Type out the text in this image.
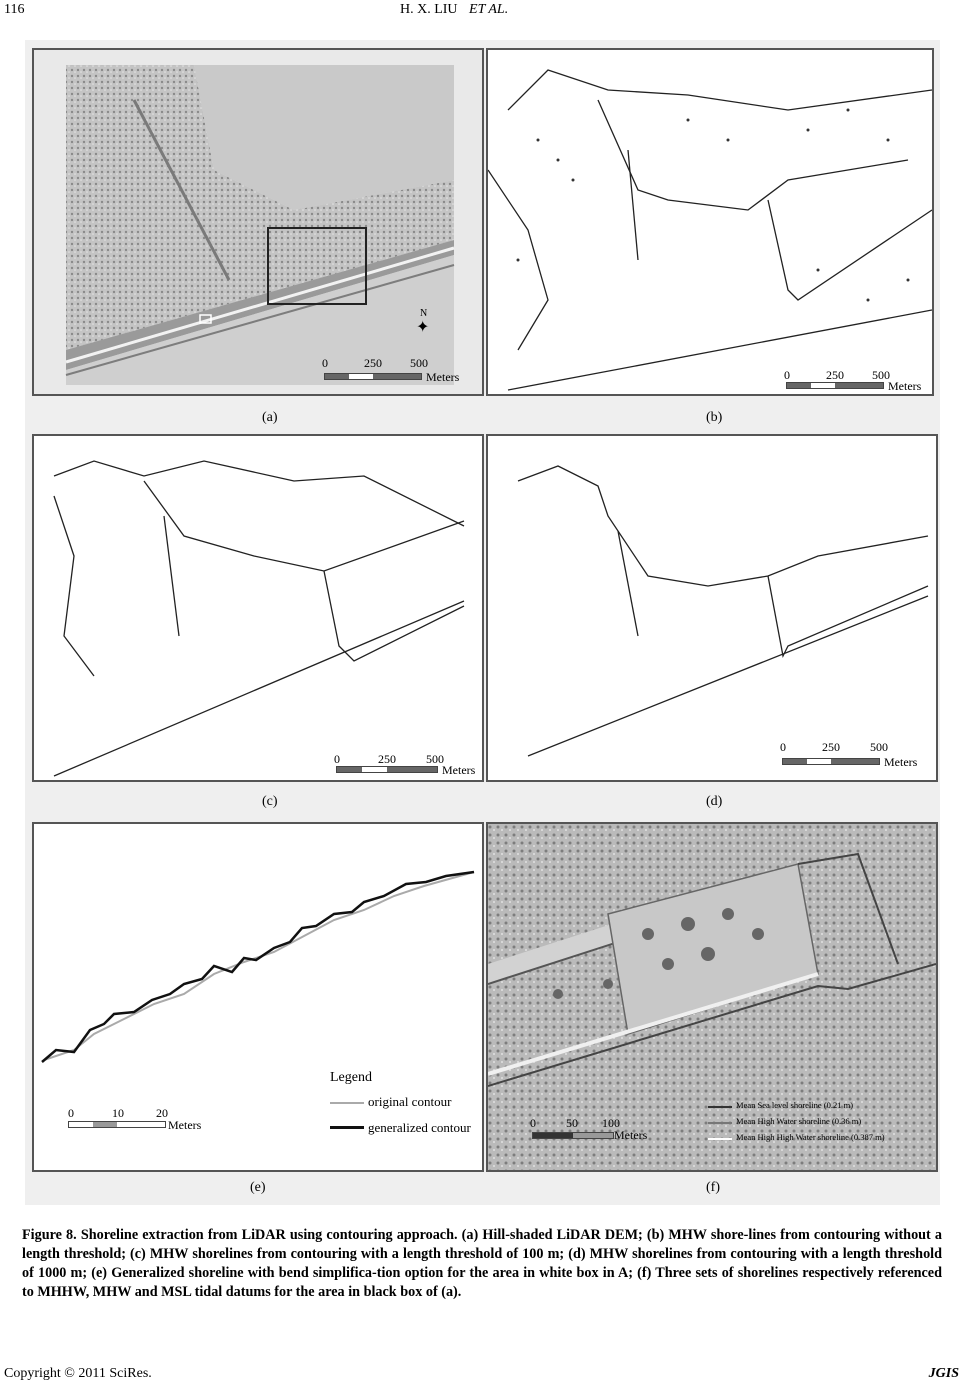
116	H. X. LIU ET AL.
N
✦
0	250 500
Meters
(a)
0	250 500
Meters
(b)
0	250	500
Meters
(c)
0	250	500
Meters
(d)
0	10	20
Meters
Legend
original contour
generalized contour
(e)
0	50 100
Meters
Mean Sea level shoreline (0.21 m)
Mean High Water shoreline (0.36 m)
Mean High High Water shoreline (0.387 m)
(f)
Figure 8. Shoreline extraction from LiDAR using contouring approach. (a) Hill-shaded LiDAR DEM; (b) MHW shore-lines from contouring without a length threshold; (c) MHW shorelines from contouring with a length threshold of 100 m; (d) MHW shorelines from contouring with a length threshold of 1000 m; (e) Generalized shoreline with bend simplifica-tion option for the area in white box in A; (f) Three sets of shorelines respectively referenced to MHHW, MHW and MSL tidal datums for the area in black box of (a).
Copyright © 2011 SciRes.	JGIS
